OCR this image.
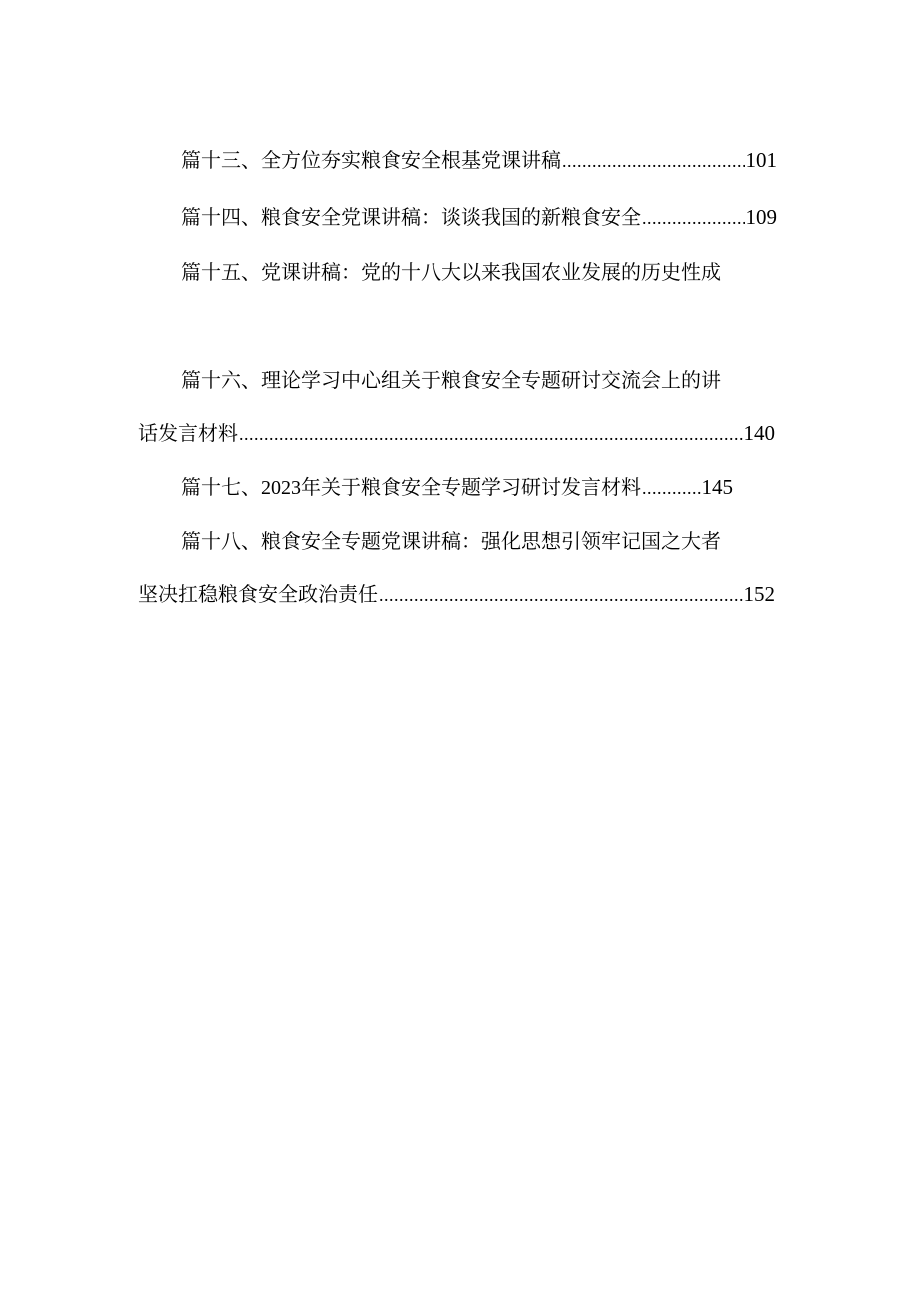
篇十三、全方位夯实粮食安全根基党课讲稿 .....	101
篇十四、粮食安全党课讲稿：谈谈我国的新粮食安全 .....	109
篇十五、党课讲稿：党的十八大以来我国农业发展的历史性成
篇十六、理论学习中心组关于粮食安全专题研讨交流会上的讲
话发言材料 .....	140
篇十七、2023年关于粮食安全专题学习研讨发言材料 .....	145
篇十八、粮食安全专题党课讲稿：强化思想引领牢记国之大者
坚决扛稳粮食安全政治责任 .....	152
